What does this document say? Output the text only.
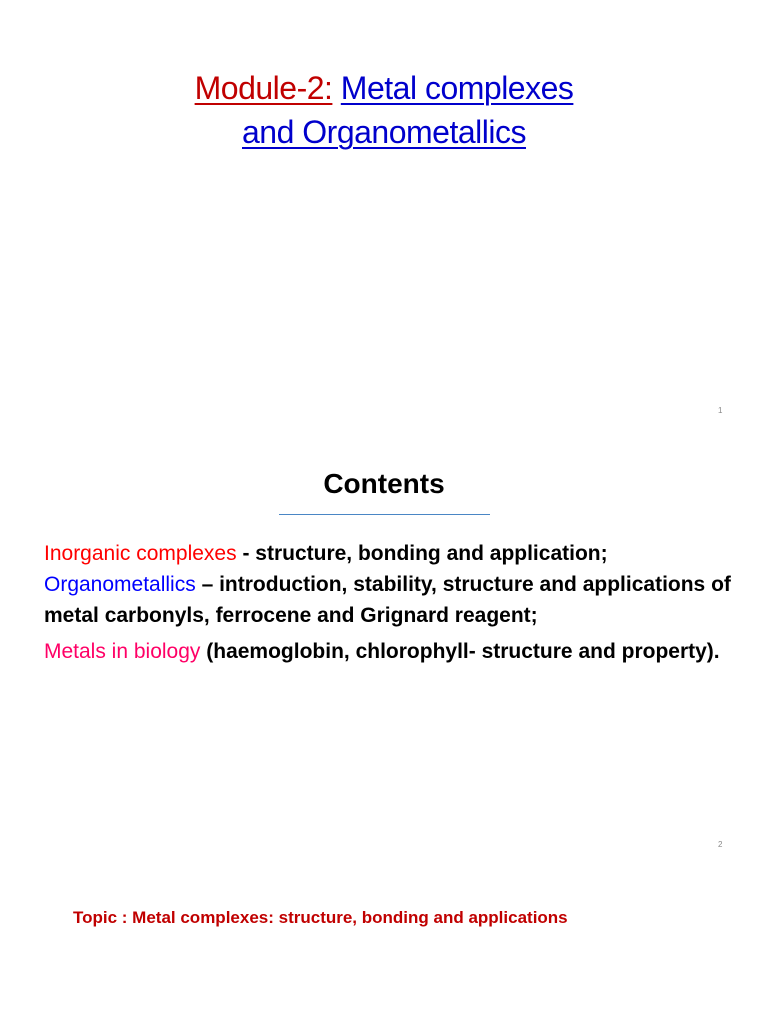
Module-2: Metal complexes
and Organometallics
1
Contents
Inorganic complexes - structure, bonding and application;
Organometallics – introduction, stability, structure and applications of metal carbonyls, ferrocene and Grignard reagent;
Metals in biology (haemoglobin, chlorophyll- structure and property).
2
Topic : Metal complexes: structure, bonding and applications
